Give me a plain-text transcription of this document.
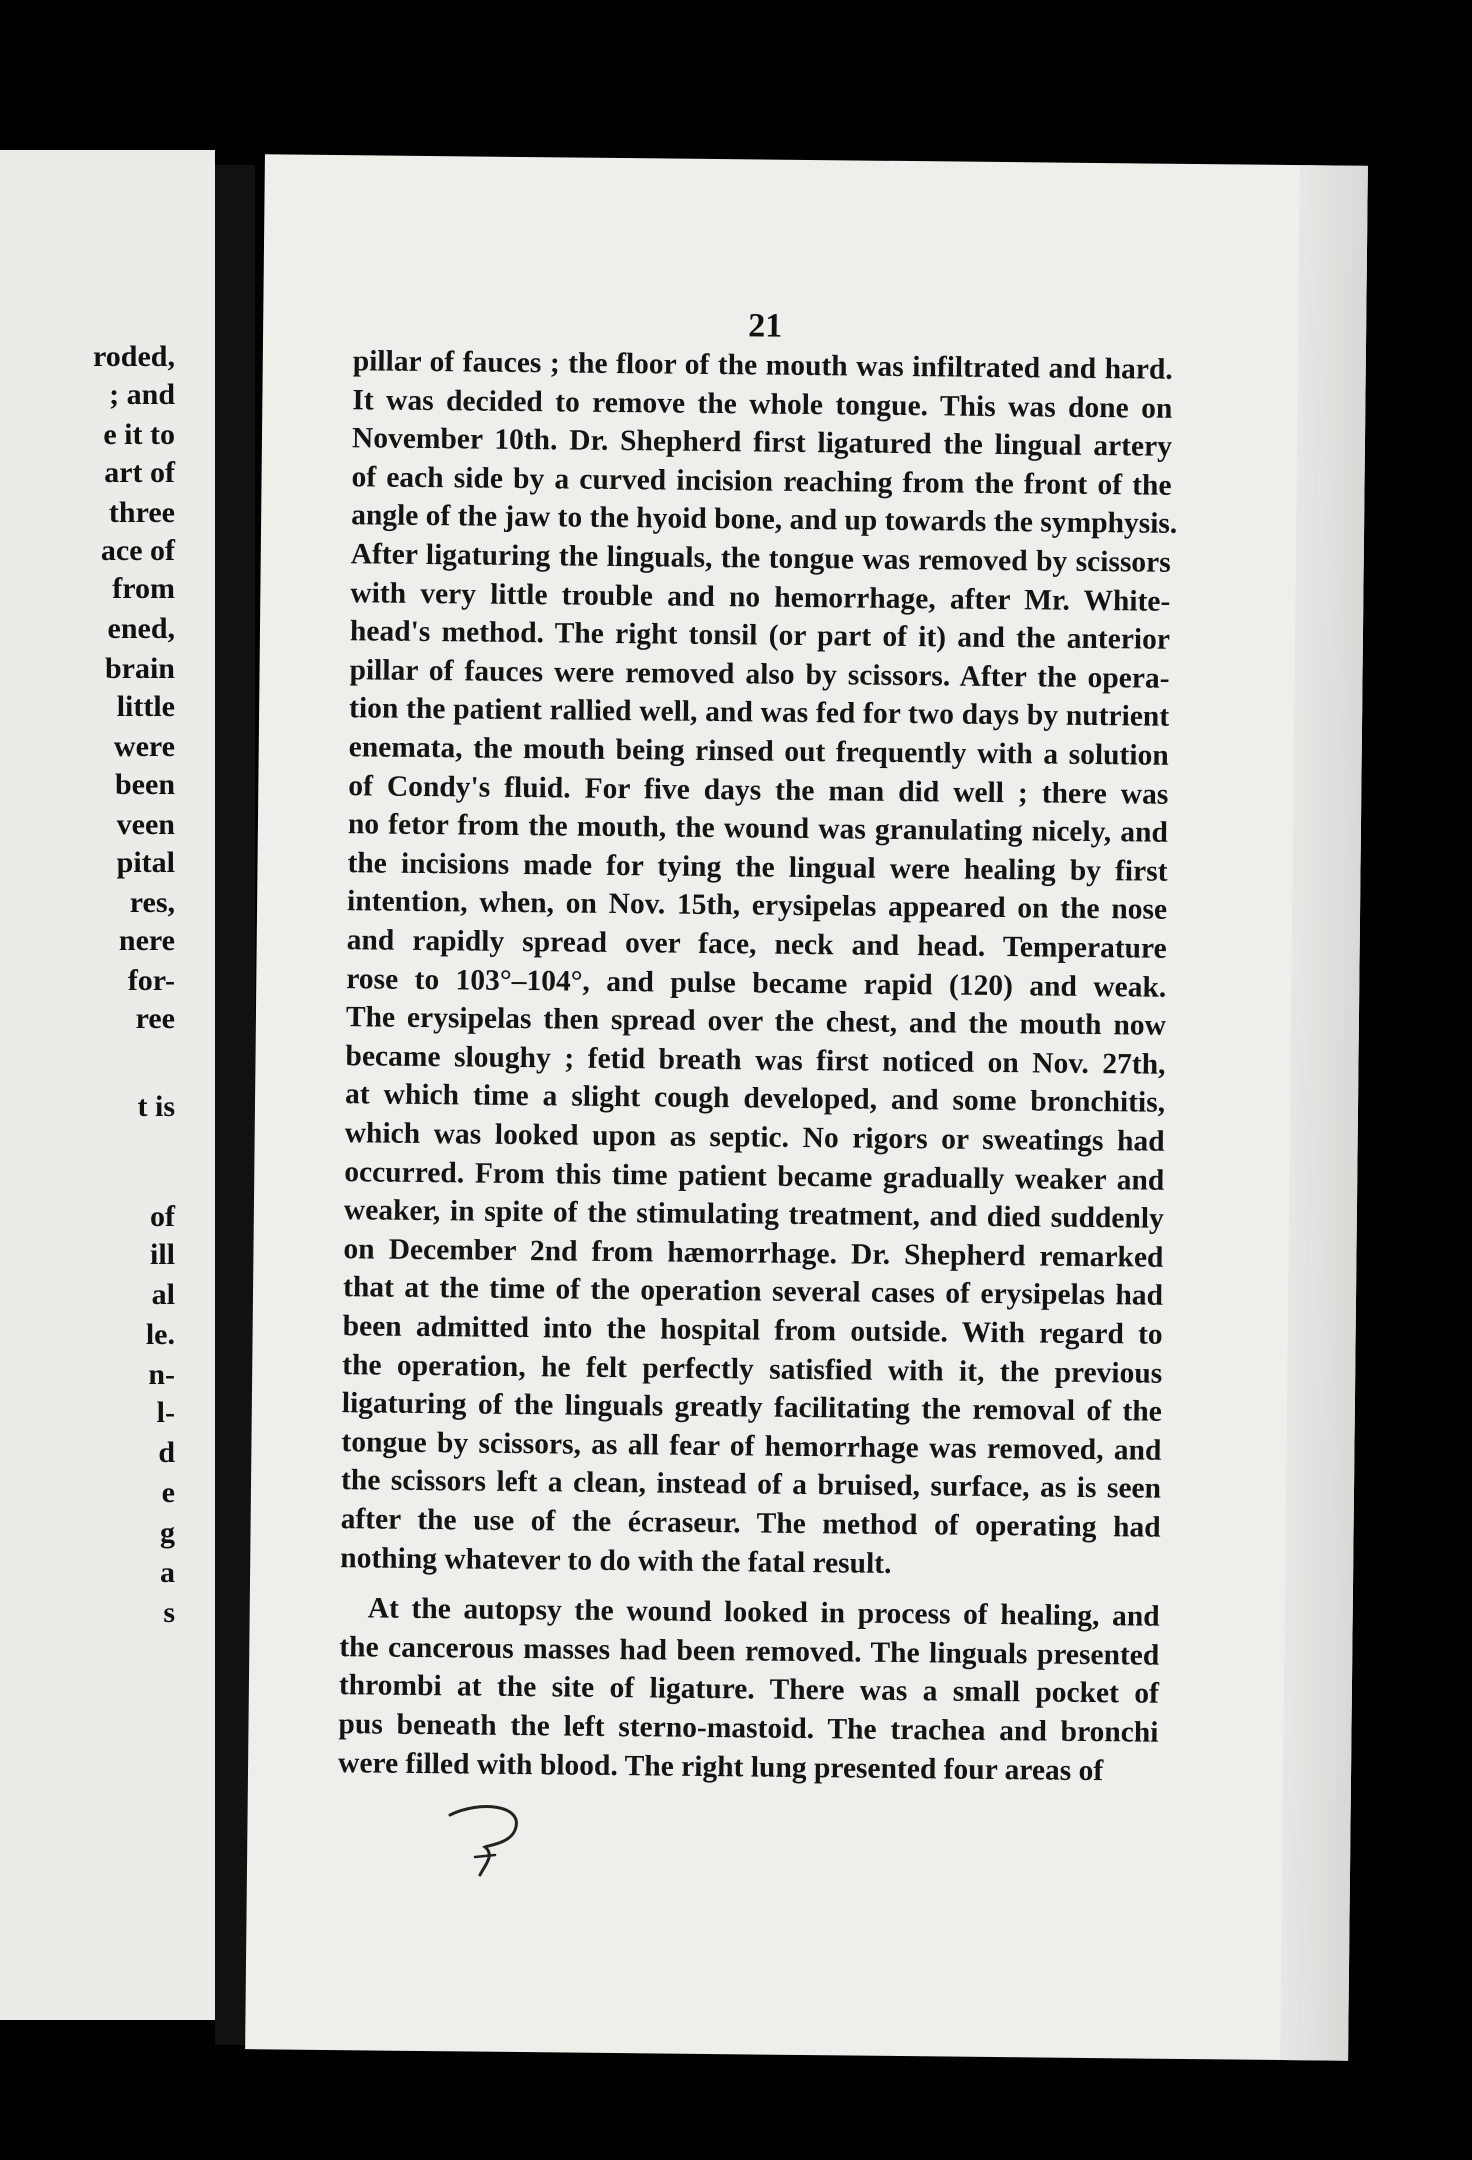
roded,
; and
e it to
art of
three
ace of
from
ened,
brain
little
were
been
veen
pital
res,
nere
for-
ree
t is
of
ill
al
le.
n-
l-
d
e
g
a
s
21
pillar of fauces ; the floor of the mouth was infiltrated and hard.
It was decided to remove the whole tongue. This was done on
November 10th. Dr. Shepherd first ligatured the lingual artery
of each side by a curved incision reaching from the front of the
angle of the jaw to the hyoid bone, and up towards the symphysis.
After ligaturing the linguals, the tongue was removed by scissors
with very little trouble and no hemorrhage, after Mr. White-
head's method. The right tonsil (or part of it) and the anterior
pillar of fauces were removed also by scissors. After the opera-
tion the patient rallied well, and was fed for two days by nutrient
enemata, the mouth being rinsed out frequently with a solution
of Condy's fluid. For five days the man did well ; there was
no fetor from the mouth, the wound was granulating nicely, and
the incisions made for tying the lingual were healing by first
intention, when, on Nov. 15th, erysipelas appeared on the nose
and rapidly spread over face, neck and head. Temperature
rose to 103°–104°, and pulse became rapid (120) and weak.
The erysipelas then spread over the chest, and the mouth now
became sloughy ; fetid breath was first noticed on Nov. 27th,
at which time a slight cough developed, and some bronchitis,
which was looked upon as septic. No rigors or sweatings had
occurred. From this time patient became gradually weaker and
weaker, in spite of the stimulating treatment, and died suddenly
on December 2nd from hæmorrhage. Dr. Shepherd remarked
that at the time of the operation several cases of erysipelas had
been admitted into the hospital from outside. With regard to
the operation, he felt perfectly satisfied with it, the previous
ligaturing of the linguals greatly facilitating the removal of the
tongue by scissors, as all fear of hemorrhage was removed, and
the scissors left a clean, instead of a bruised, surface, as is seen
after the use of the écraseur. The method of operating had
nothing whatever to do with the fatal result.
At the autopsy the wound looked in process of healing, and
the cancerous masses had been removed. The linguals presented
thrombi at the site of ligature. There was a small pocket of
pus beneath the left sterno-mastoid. The trachea and bronchi
were filled with blood. The right lung presented four areas of
